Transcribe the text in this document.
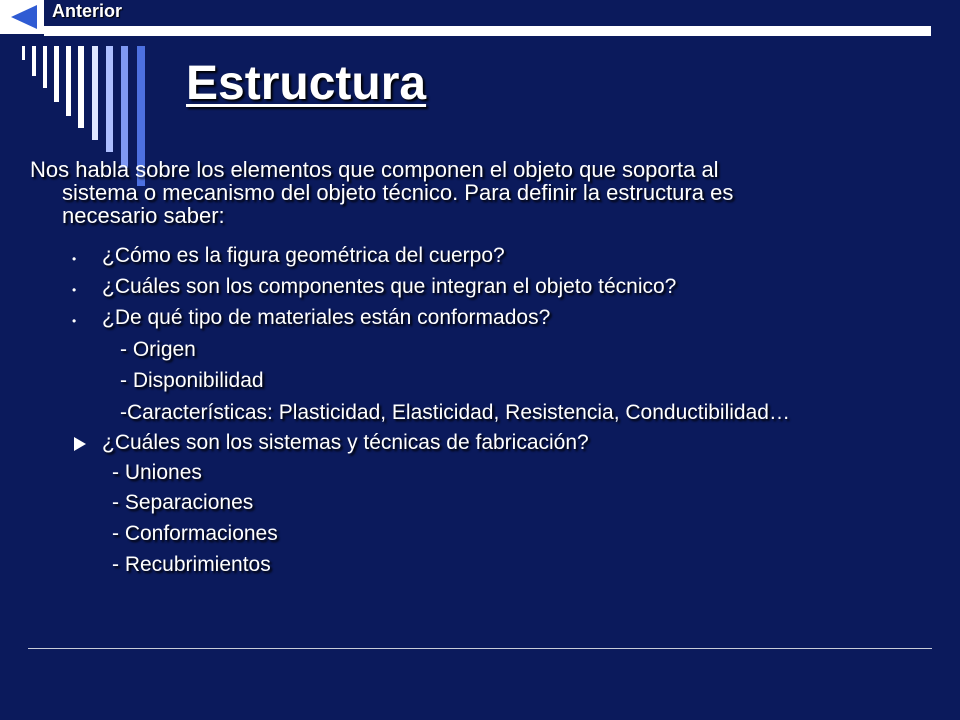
Anterior
Estructura
Nos habla sobre los elementos que componen el objeto que soporta al
sistema o mecanismo del objeto técnico. Para definir la estructura es
necesario saber:
• ¿Cómo es la figura geométrica del cuerpo?
• ¿Cuáles son los componentes que integran el objeto técnico?
• ¿De qué tipo de materiales están conformados?
- Origen
- Disponibilidad
-Características: Plasticidad, Elasticidad, Resistencia, Conductibilidad…
¿Cuáles son los sistemas y técnicas de fabricación?
- Uniones
- Separaciones
- Conformaciones
- Recubrimientos
